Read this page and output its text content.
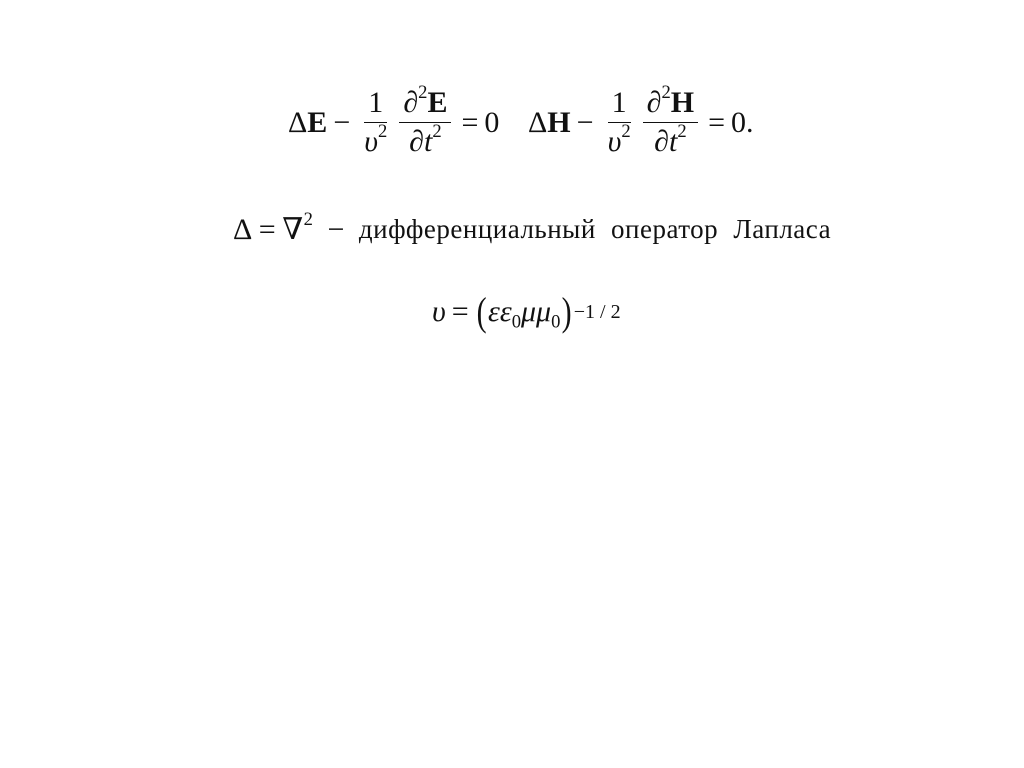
Δ $E - \frac{1}{\upsilon^2} \frac{\partial^2E}{\partial t^2} = 0$ Δ $H - \frac{1}{\upsilon^2} \frac{\partial^2H}{\partial t^2} = 0$.
Δ = ∇$^2$ − дифференциальный оператор Лапласа
υ = ( ε $\varepsilon_0$ μ $\mu_0$ ) −1 / 2
